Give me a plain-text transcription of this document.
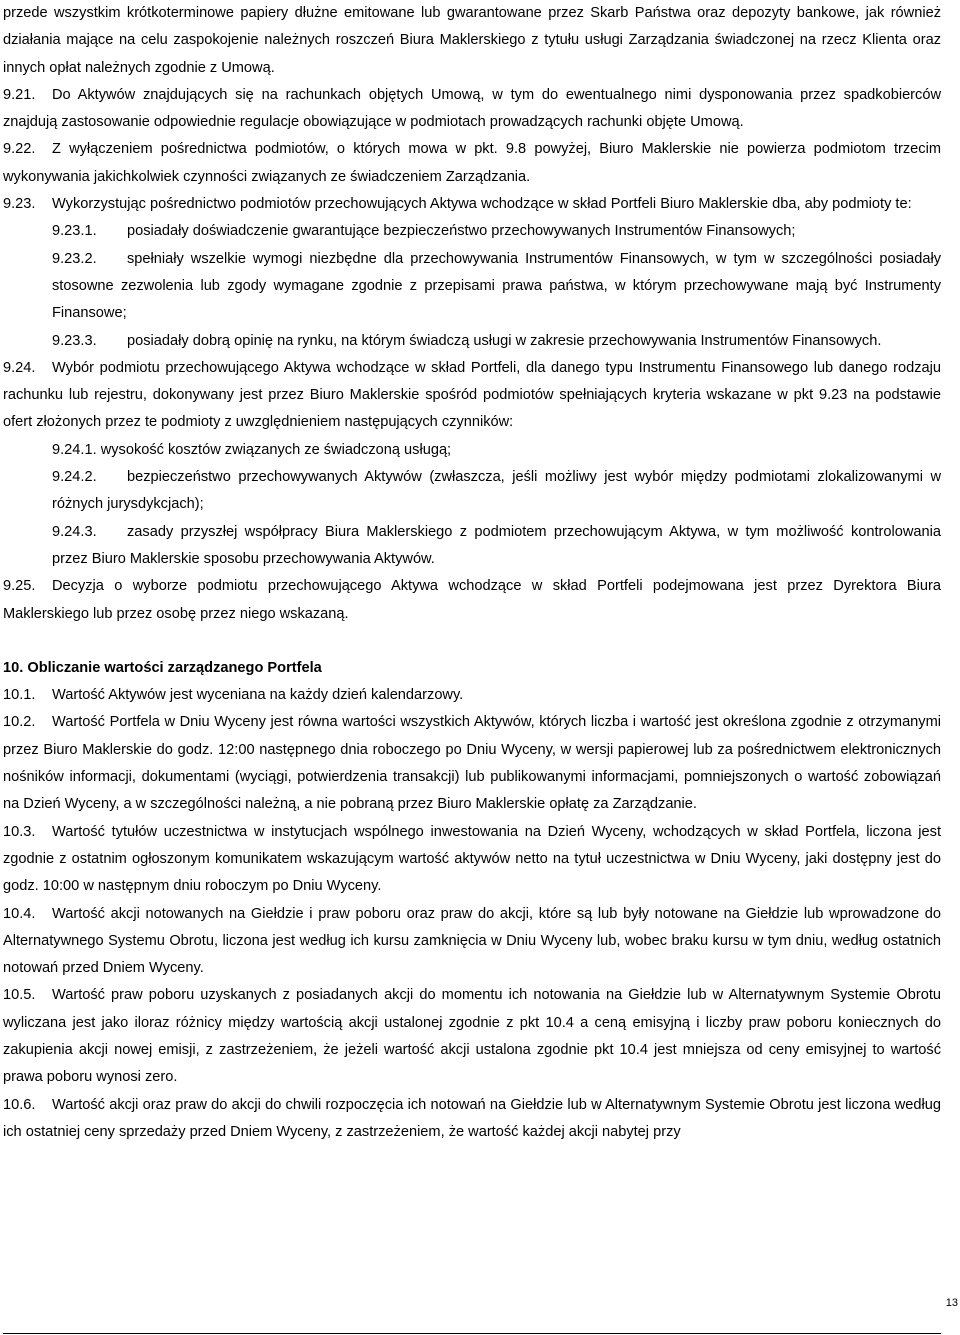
przede wszystkim krótkoterminowe papiery dłużne emitowane lub gwarantowane przez Skarb Państwa oraz depozyty bankowe, jak również działania mające na celu zaspokojenie należnych roszczeń Biura Maklerskiego z tytułu usługi Zarządzania świadczonej na rzecz Klienta oraz innych opłat należnych zgodnie z Umową.

9.21. Do Aktywów znajdujących się na rachunkach objętych Umową, w tym do ewentualnego nimi dysponowania przez spadkobierców znajdują zastosowanie odpowiednie regulacje obowiązujące w podmiotach prowadzących rachunki objęte Umową.

9.22. Z wyłączeniem pośrednictwa podmiotów, o których mowa w pkt. 9.8 powyżej, Biuro Maklerskie nie powierza podmiotom trzecim wykonywania jakichkolwiek czynności związanych ze świadczeniem Zarządzania.

9.23. Wykorzystując pośrednictwo podmiotów przechowujących Aktywa wchodzące w skład Portfeli Biuro Maklerskie dba, aby podmioty te:

9.23.1. posiadały doświadczenie gwarantujące bezpieczeństwo przechowywanych Instrumentów Finansowych;

9.23.2. spełniały wszelkie wymogi niezbędne dla przechowywania Instrumentów Finansowych, w tym w szczególności posiadały stosowne zezwolenia lub zgody wymagane zgodnie z przepisami prawa państwa, w którym przechowywane mają być Instrumenty Finansowe;

9.23.3. posiadały dobrą opinię na rynku, na którym świadczą usługi w zakresie przechowywania Instrumentów Finansowych.

9.24. Wybór podmiotu przechowującego Aktywa wchodzące w skład Portfeli, dla danego typu Instrumentu Finansowego lub danego rodzaju rachunku lub rejestru, dokonywany jest przez Biuro Maklerskie spośród podmiotów spełniających kryteria wskazane w pkt 9.23 na podstawie ofert złożonych przez te podmioty z uwzględnieniem następujących czynników:

9.24.1. wysokość kosztów związanych ze świadczoną usługą;

9.24.2. bezpieczeństwo przechowywanych Aktywów (zwłaszcza, jeśli możliwy jest wybór między podmiotami zlokalizowanymi w różnych jurysdykcjach);

9.24.3. zasady przyszłej współpracy Biura Maklerskiego z podmiotem przechowującym Aktywa, w tym możliwość kontrolowania przez Biuro Maklerskie sposobu przechowywania Aktywów.

9.25. Decyzja o wyborze podmiotu przechowującego Aktywa wchodzące w skład Portfeli podejmowana jest przez Dyrektora Biura Maklerskiego lub przez osobę przez niego wskazaną.

10. Obliczanie wartości zarządzanego Portfela

10.1. Wartość Aktywów jest wyceniana na każdy dzień kalendarzowy.

10.2. Wartość Portfela w Dniu Wyceny jest równa wartości wszystkich Aktywów, których liczba i wartość jest określona zgodnie z otrzymanymi przez Biuro Maklerskie do godz. 12:00 następnego dnia roboczego po Dniu Wyceny, w wersji papierowej lub za pośrednictwem elektronicznych nośników informacji, dokumentami (wyciągi, potwierdzenia transakcji) lub publikowanymi informacjami, pomniejszonych o wartość zobowiązań na Dzień Wyceny, a w szczególności należną, a nie pobraną przez Biuro Maklerskie opłatę za Zarządzanie.

10.3. Wartość tytułów uczestnictwa w instytucjach wspólnego inwestowania na Dzień Wyceny, wchodzących w skład Portfela, liczona jest zgodnie z ostatnim ogłoszonym komunikatem wskazującym wartość aktywów netto na tytuł uczestnictwa w Dniu Wyceny, jaki dostępny jest do godz. 10:00 w następnym dniu roboczym po Dniu Wyceny.

10.4. Wartość akcji notowanych na Giełdzie i praw poboru oraz praw do akcji, które są lub były notowane na Giełdzie lub wprowadzone do Alternatywnego Systemu Obrotu, liczona jest według ich kursu zamknięcia w Dniu Wyceny lub, wobec braku kursu w tym dniu, według ostatnich notowań przed Dniem Wyceny.

10.5. Wartość praw poboru uzyskanych z posiadanych akcji do momentu ich notowania na Giełdzie lub w Alternatywnym Systemie Obrotu wyliczana jest jako iloraz różnicy między wartością akcji ustalonej zgodnie z pkt 10.4 a ceną emisyjną i liczby praw poboru koniecznych do zakupienia akcji nowej emisji, z zastrzeżeniem, że jeżeli wartość akcji ustalona zgodnie pkt 10.4 jest mniejsza od ceny emisyjnej to wartość prawa poboru wynosi zero.

10.6. Wartość akcji oraz praw do akcji do chwili rozpoczęcia ich notowań na Giełdzie lub w Alternatywnym Systemie Obrotu jest liczona według ich ostatniej ceny sprzedaży przed Dniem Wyceny, z zastrzeżeniem, że wartość każdej akcji nabytej przy

13
